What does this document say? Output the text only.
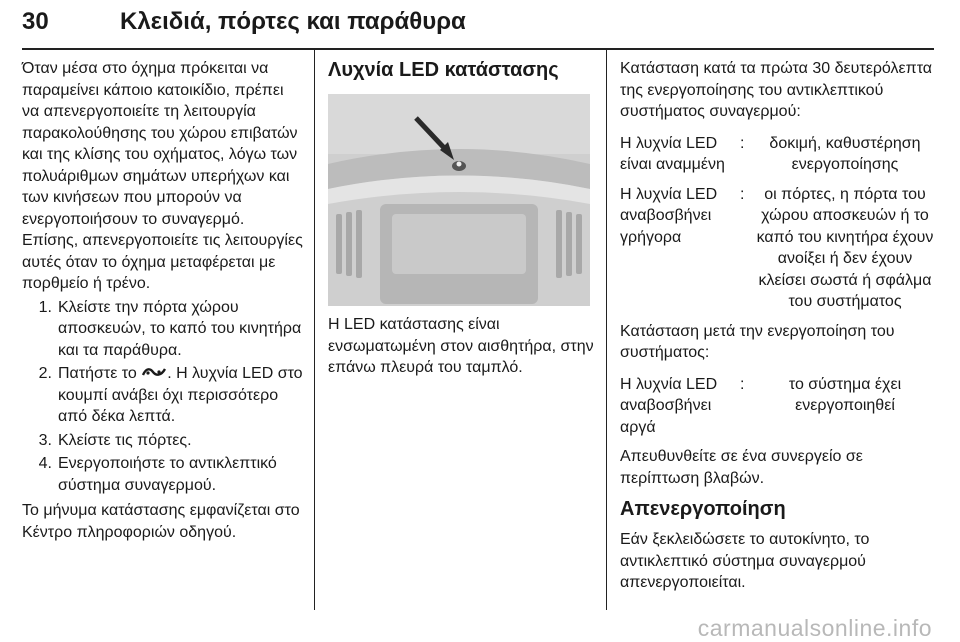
30	Κλειδιά, πόρτες και παράθυρα

Όταν μέσα στο όχημα πρόκειται να παραμείνει κάποιο κατοικίδιο, πρέπει να απενεργοποιείτε τη λειτουργία παρακολούθησης του χώρου επιβατών και της κλίσης του οχήματος, λόγω των πολυάριθμων σημάτων υπερήχων και των κινήσεων που μπορούν να ενεργοποιήσουν το συναγερμό. Επίσης, απενεργοποιείτε τις λειτουργίες αυτές όταν το όχημα μεταφέρεται με πορθμείο ή τρένο.

1. Κλείστε την πόρτα χώρου αποσκευών, το καπό του κινητήρα και τα παράθυρα.
2. Πατήστε το . Η λυχνία LED στο κουμπί ανάβει όχι περισσότερο από δέκα λεπτά.
3. Κλείστε τις πόρτες.
4. Ενεργοποιήστε το αντικλεπτικό σύστημα συναγερμού.

Το μήνυμα κατάστασης εμφανίζεται στο Κέντρο πληροφοριών οδηγού.

Λυχνία LED κατάστασης

Η LED κατάστασης είναι ενσωματωμένη στον αισθητήρα, στην επάνω πλευρά του ταμπλό.

Κατάσταση κατά τα πρώτα 30 δευτερόλεπτα της ενεργοποίησης του αντικλεπτικού συστήματος συναγερμού:

Η λυχνία LED είναι αναμμένη
:	δοκιμή, καθυστέρηση ενεργοποίησης
Η λυχνία LED αναβοσβήνει γρήγορα
:	οι πόρτες, η πόρτα του χώρου αποσκευών ή το καπό του κινητήρα έχουν ανοίξει ή δεν έχουν κλείσει σωστά ή σφάλμα του συστήματος

Κατάσταση μετά την ενεργοποίηση του συστήματος:

Η λυχνία LED αναβοσβήνει αργά
:	το σύστημα έχει ενεργοποιηθεί

Απευθυνθείτε σε ένα συνεργείο σε περίπτωση βλαβών.

Απενεργοποίηση

Εάν ξεκλειδώσετε το αυτοκίνητο, το αντικλεπτικό σύστημα συναγερμού απενεργοποιείται.

carmanualsonline.info
